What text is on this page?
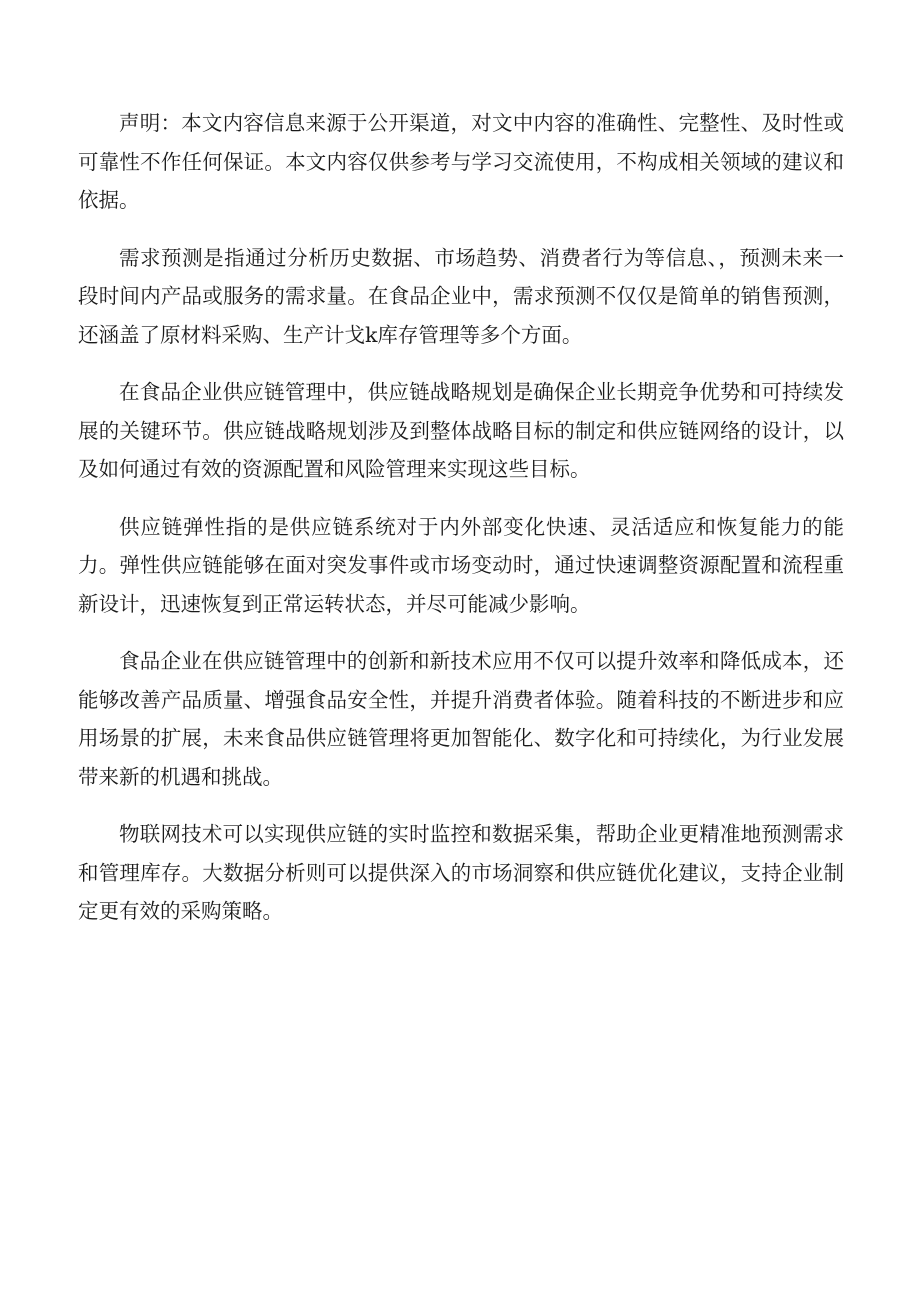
声明：本文内容信息来源于公开渠道，对文中内容的准确性、完整性、及时性或可靠性不作任何保证。本文内容仅供参考与学习交流使用，不构成相关领域的建议和依据。

需求预测是指通过分析历史数据、市场趋势、消费者行为等信息、，预测未来一段时间内产品或服务的需求量。在食品企业中，需求预测不仅仅是简单的销售预测，还涵盖了原材料采购、生产计戈k库存管理等多个方面。

在食品企业供应链管理中，供应链战略规划是确保企业长期竞争优势和可持续发展的关键环节。供应链战略规划涉及到整体战略目标的制定和供应链网络的设计，以及如何通过有效的资源配置和风险管理来实现这些目标。

供应链弹性指的是供应链系统对于内外部变化快速、灵活适应和恢复能力的能力。弹性供应链能够在面对突发事件或市场变动时，通过快速调整资源配置和流程重新设计，迅速恢复到正常运转状态，并尽可能减少影响。

食品企业在供应链管理中的创新和新技术应用不仅可以提升效率和降低成本，还能够改善产品质量、增强食品安全性，并提升消费者体验。随着科技的不断进步和应用场景的扩展，未来食品供应链管理将更加智能化、数字化和可持续化，为行业发展带来新的机遇和挑战。

物联网技术可以实现供应链的实时监控和数据采集，帮助企业更精准地预测需求和管理库存。大数据分析则可以提供深入的市场洞察和供应链优化建议，支持企业制定更有效的采购策略。
